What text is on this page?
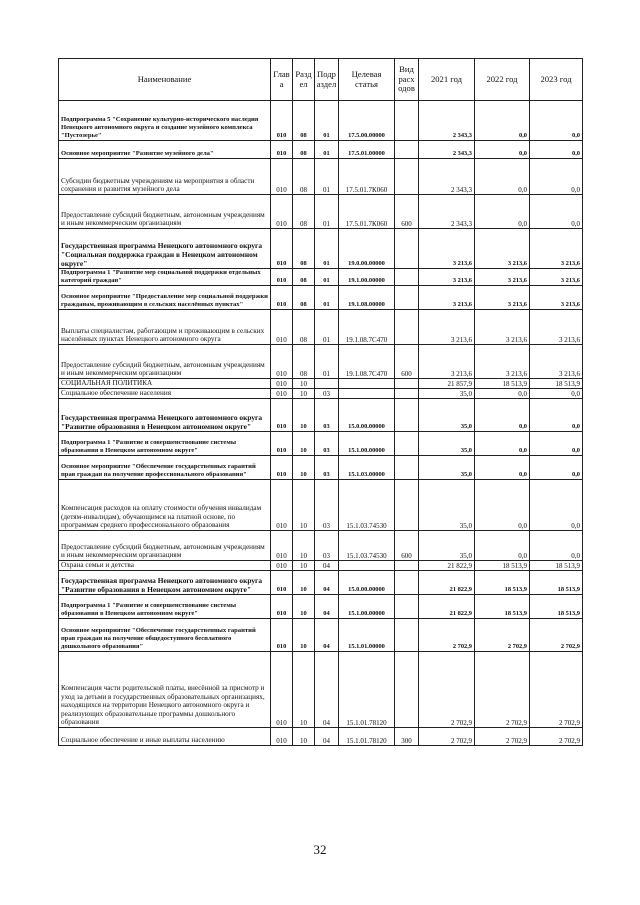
Наименование	Глав а	Раздел	Подр аздел	Целевая статья	Вид расх одов	2021 год	2022 год	2023 год
Подпрограмма 5 "Сохранение культурно-исторического наследия Ненецкого автономного округа и создание музейного комплекса "Пустозерье"	010	08	01	17.5.00.00000		2 343,3	0,0	0,0
Основное мероприятие "Развитие музейного дела"	010	08	01	17.5.01.00000		2 343,3	0,0	0,0
Субсидии бюджетным учреждениям на мероприятия в области сохранения и развития музейного дела	010	08	01	17.5.01.7К060		2 343,3	0,0	0,0
Предоставление субсидий бюджетным, автономным учреждениям и иным некоммерческим организациям	010	08	01	17.5.01.7К060	600	2 343,3	0,0	0,0
Государственная программа Ненецкого автономного округа "Социальная поддержка граждан в Ненецком автономном округе"	010	08	01	19.0.00.00000		3 213,6	3 213,6	3 213,6
Подпрограмма 1 "Развитие мер социальной поддержки отдельных категорий граждан"	010	08	01	19.1.00.00000		3 213,6	3 213,6	3 213,6
Основное мероприятие "Предоставление мер социальной поддержки гражданам, проживающим в сельских населённых пунктах"	010	08	01	19.1.08.00000		3 213,6	3 213,6	3 213,6
Выплаты специалистам, работающим и проживающим в сельских населённых пунктах Ненецкого автономного округа	010	08	01	19.1.08.7С470		3 213,6	3 213,6	3 213,6
Предоставление субсидий бюджетным, автономным учреждениям и иным некоммерческим организациям	010	08	01	19.1.08.7С470	600	3 213,6	3 213,6	3 213,6
СОЦИАЛЬНАЯ ПОЛИТИКА	010	10				21 857,9	18 513,9	18 513,9
Социальное обеспечение населения	010	10	03			35,0	0,0	0,0
Государственная программа Ненецкого автономного округа "Развитие образования в Ненецком автономном округе"	010	10	03	15.0.00.00000		35,0	0,0	0,0
Подпрограмма 1 "Развитие и совершенствование системы образования в Ненецком автономном округе"	010	10	03	15.1.00.00000		35,0	0,0	0,0
Основное мероприятие "Обеспечение государственных гарантий прав граждан на получение профессионального образования"	010	10	03	15.1.03.00000		35,0	0,0	0,0
Компенсация расходов на оплату стоимости обучения инвалидам (детям-инвалидам), обучающимся на платной основе, по программам среднего профессионального образования	010	10	03	15.1.03.74530		35,0	0,0	0,0
Предоставление субсидий бюджетным, автономным учреждениям и иным некоммерческим организациям	010	10	03	15.1.03.74530	600	35,0	0,0	0,0
Охрана семьи и детства	010	10	04			21 822,9	18 513,9	18 513,9
Государственная программа Ненецкого автономного округа "Развитие образования в Ненецком автономном округе"	010	10	04	15.0.00.00000		21 822,9	18 513,9	18 513,9
Подпрограмма 1 "Развитие и совершенствование системы образования в Ненецком автономном округе"	010	10	04	15.1.00.00000		21 822,9	18 513,9	18 513,9
Основное мероприятие "Обеспечение государственных гарантий прав граждан на получение общедоступного бесплатного дошкольного образования"	010	10	04	15.1.01.00000		2 702,9	2 702,9	2 702,9
Компенсация части родительской платы, внесённой за присмотр и уход за детьми в государственных образовательных организациях, находящихся на территории Ненецкого автономного округа и реализующих образовательные программы дошкольного образования	010	10	04	15.1.01.78120		2 702,9	2 702,9	2 702,9
Социальное обеспечение и иные выплаты населению	010	10	04	15.1.01.78120	300	2 702,9	2 702,9	2 702,9
32
